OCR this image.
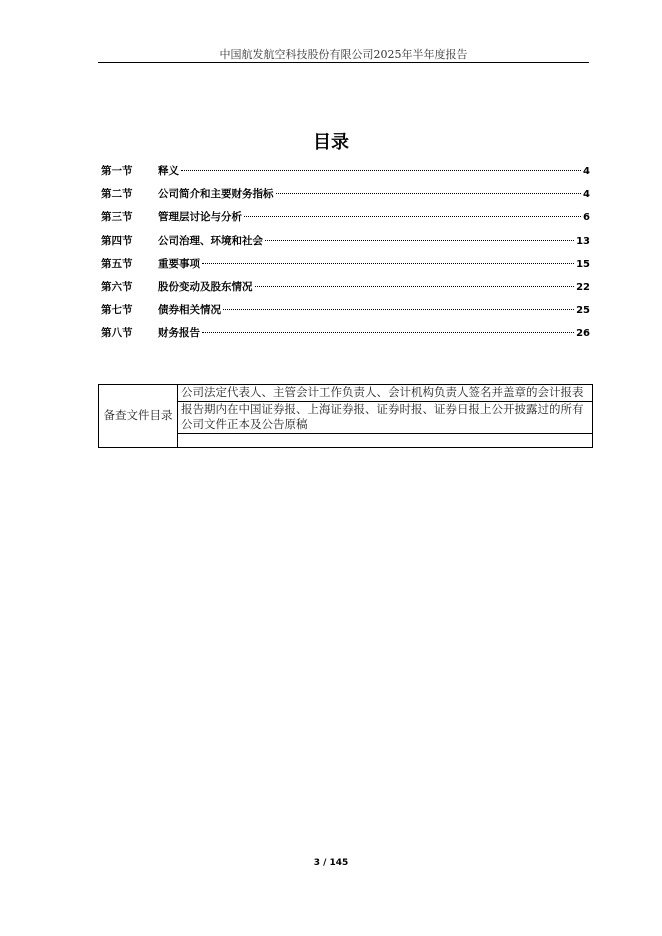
中国航发航空科技股份有限公司2025年半年度报告
目录
第一节	释义	4
第二节	公司简介和主要财务指标	4
第三节	管理层讨论与分析	6
第四节	公司治理、环境和社会	13
第五节	重要事项	15
第六节	股份变动及股东情况	22
第七节	债券相关情况	25
第八节	财务报告	26
备查文件目录	公司法定代表人、主管会计工作负责人、会计机构负责人签名并盖章的会计报表
报告期内在中国证券报、上海证券报、证券时报、证券日报上公开披露过的所有公司文件正本及公告原稿

3 / 145
